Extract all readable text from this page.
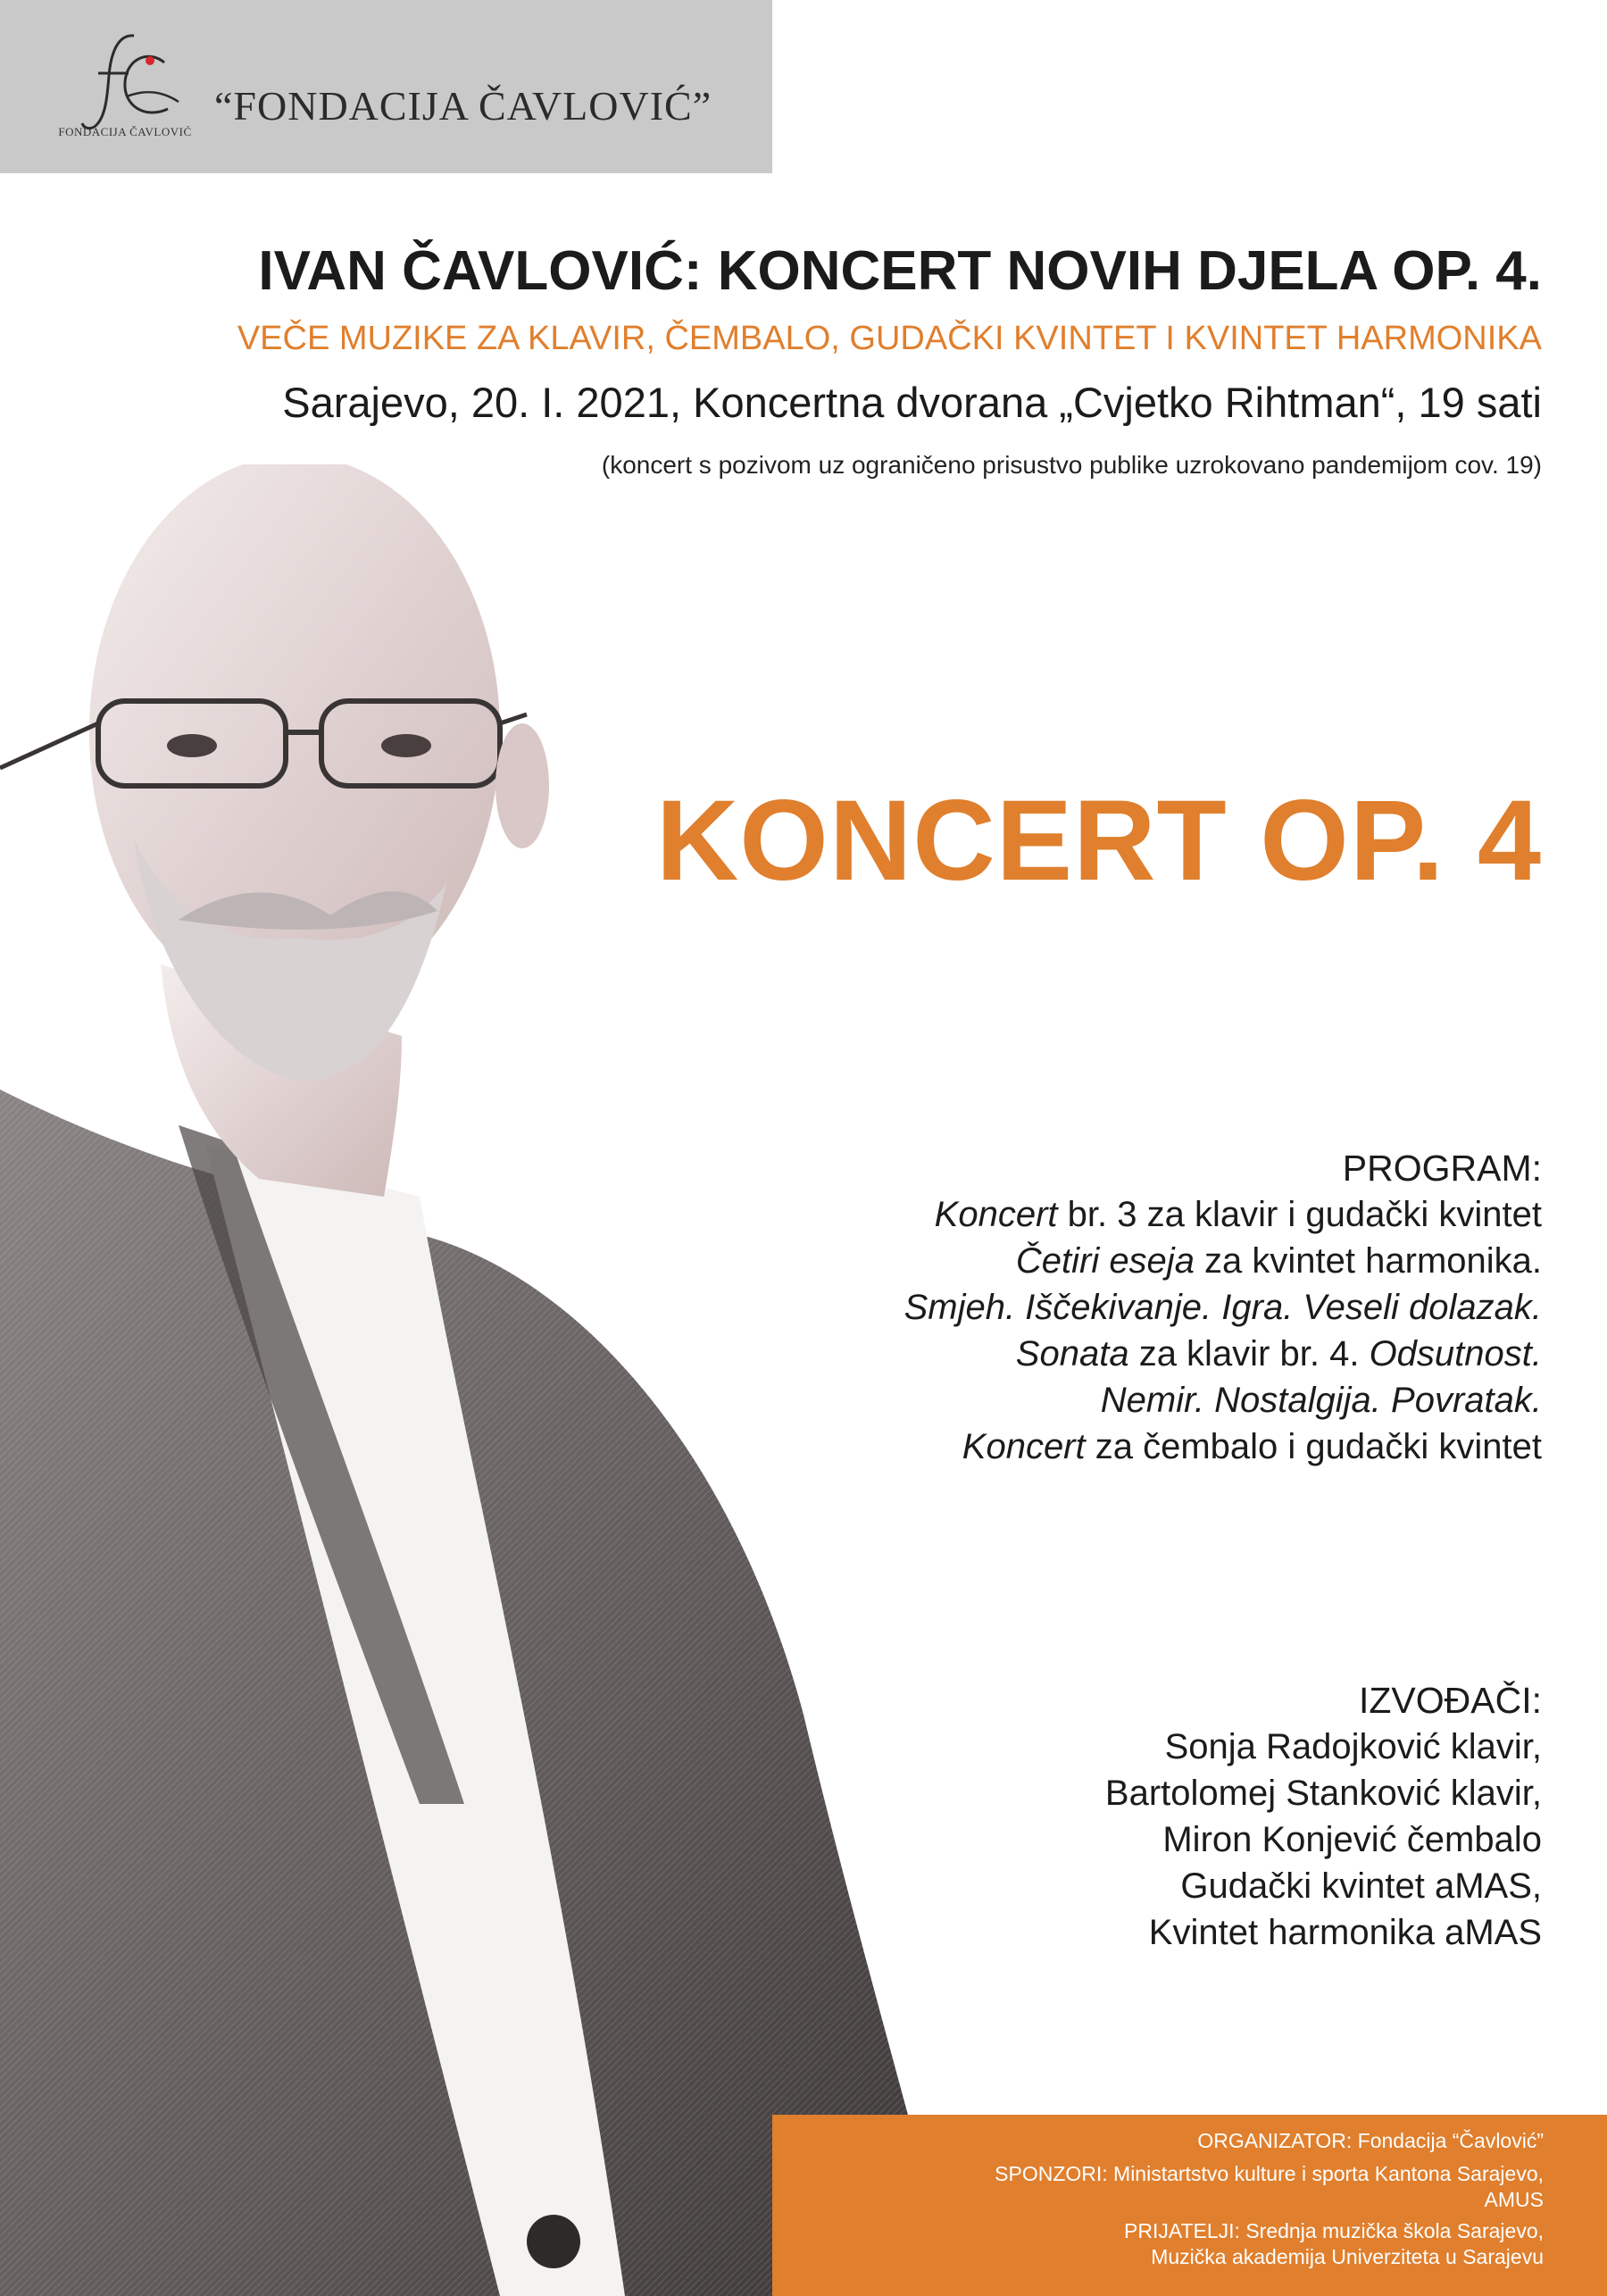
FONDACIJA ČAVLOVIĆ
“FONDACIJA ČAVLOVIĆ”
IVAN ČAVLOVIĆ: KONCERT NOVIH DJELA OP. 4.
VEČE MUZIKE ZA KLAVIR, ČEMBALO, GUDAČKI KVINTET I KVINTET HARMONIKA
Sarajevo, 20. I. 2021, Koncertna dvorana „Cvjetko Rihtman“, 19 sati
(koncert s pozivom uz ograničeno prisustvo publike uzrokovano pandemijom cov. 19)
KONCERT OP. 4
PROGRAM:
Koncert br. 3 za klavir i gudački kvintet
Četiri eseja za kvintet harmonika.
Smjeh. Iščekivanje. Igra. Veseli dolazak.
Sonata za klavir br. 4. Odsutnost.
Nemir. Nostalgija. Povratak.
Koncert za čembalo i gudački kvintet
IZVOĐAČI:
Sonja Radojković klavir,
Bartolomej Stanković klavir,
Miron Konjević čembalo
Gudački kvintet aMAS,
Kvintet harmonika aMAS
ORGANIZATOR: Fondacija “Čavlović”
SPONZORI: Ministartstvo kulture i sporta Kantona Sarajevo,
AMUS
PRIJATELJI: Srednja muzička škola Sarajevo,
Muzička akademija Univerziteta u Sarajevu
